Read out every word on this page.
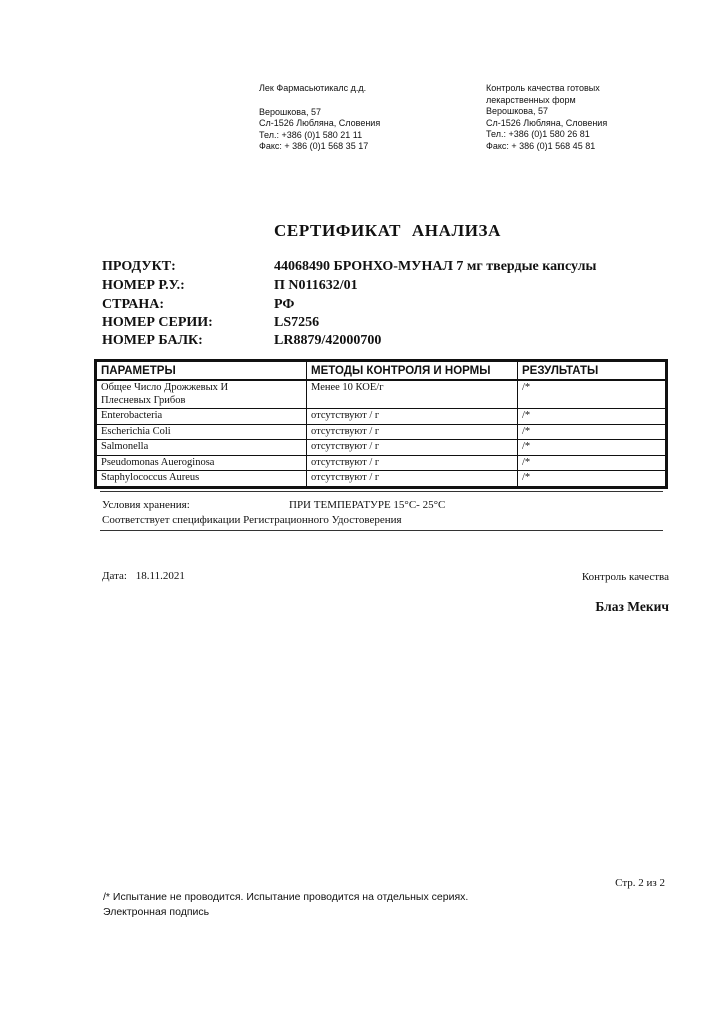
Лек Фармасьютикалс д.д.
Верошкова, 57
Сл-1526 Любляна, Словения
Тел.: +386 (0)1 580 21 11
Факс: + 386 (0)1 568 35 17
Контроль качества готовых
лекарственных форм
Верошкова, 57
Сл-1526 Любляна, Словения
Тел.: +386 (0)1 580 26 81
Факс: + 386 (0)1 568 45 81
СЕРТИФИКАТ АНАЛИЗА
ПРОДУКТ:	44068490 БРОНХО-МУНАЛ 7 мг твердые капсулы
НОМЕР Р.У.:	П N011632/01
СТРАНА:	РФ
НОМЕР СЕРИИ:	LS7256
НОМЕР БАЛК:	LR8879/42000700
ПАРАМЕТРЫ	МЕТОДЫ КОНТРОЛЯ И НОРМЫ	РЕЗУЛЬТАТЫ

Общее Число Дрожжевых И
Плесневых Грибов	Менее 10 КОЕ/г	/*
Enterobacteria	отсутствуют / г	/*
Escherichia Coli	отсутствуют / г	/*
Salmonella	отсутствуют / г	/*
Pseudomonas Aueroginosa	отсутствуют / г	/*
Staphylococcus Aureus	отсутствуют / г	/*
Условия хранения:	ПРИ ТЕМПЕРАТУРЕ 15°C- 25°C
Соответствует спецификации Регистрационного Удостоверения
Дата: 18.11.2021	Контроль качества
Блаз Мекич
Стр. 2 из 2
/* Испытание не проводится. Испытание проводится на отдельных сериях.
Электронная подпись
